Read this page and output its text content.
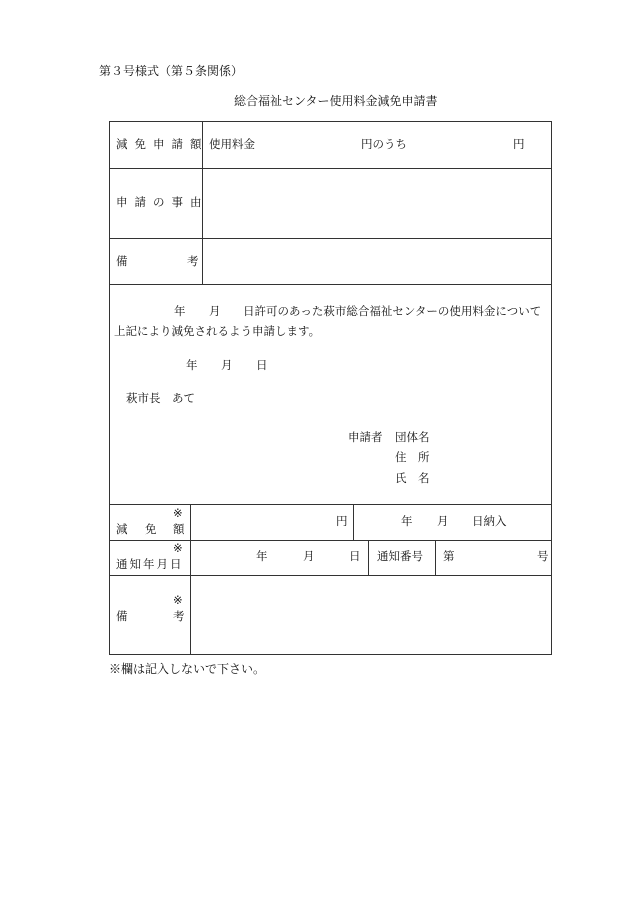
第３号様式（第５条関係）
総合福祉センター使用料金減免申請書
減免申請額 使用料金	円のうち	円
申請の事由
備	考
年 月 日許可のあった萩市総合福祉センターの使用料金について
上記により減免されるよう申請します。
年 月 日
萩市長　あて
申請者 団体名
住 所
氏 名
※
減 免 額
円	年 月 日納入
※
通知年月日
年	月	日 通知番号 第	号
※
備	考
※欄は記入しないで下さい。
